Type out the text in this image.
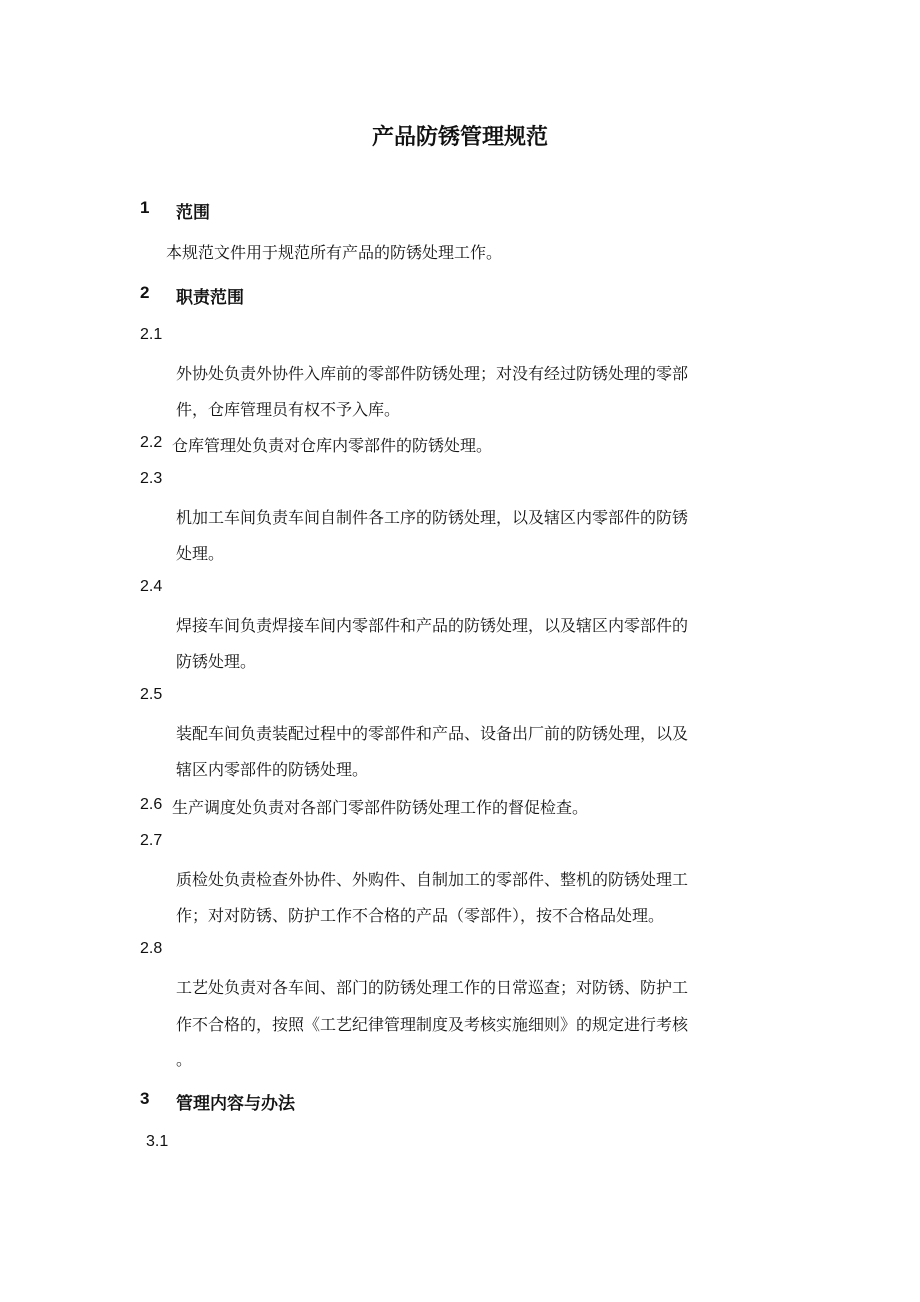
产品防锈管理规范
1 范围
本规范文件用于规范所有产品的防锈处理工作。
2 职责范围
2.1
外协处负责外协件入库前的零部件防锈处理；对没有经过防锈处理的零部
件，仓库管理员有权不予入库。
2.2 仓库管理处负责对仓库内零部件的防锈处理。
2.3
机加工车间负责车间自制件各工序的防锈处理，以及辖区内零部件的防锈
处理。
2.4
焊接车间负责焊接车间内零部件和产品的防锈处理，以及辖区内零部件的
防锈处理。
2.5
装配车间负责装配过程中的零部件和产品、设备出厂前的防锈处理，以及
辖区内零部件的防锈处理。
2.6 生产调度处负责对各部门零部件防锈处理工作的督促检查。
2.7
质检处负责检查外协件、外购件、自制加工的零部件、整机的防锈处理工
作；对对防锈、防护工作不合格的产品（零部件），按不合格品处理。
2.8
工艺处负责对各车间、部门的防锈处理工作的日常巡查；对防锈、防护工
作不合格的，按照《工艺纪律管理制度及考核实施细则》的规定进行考核
。
3 管理内容与办法
3.1
